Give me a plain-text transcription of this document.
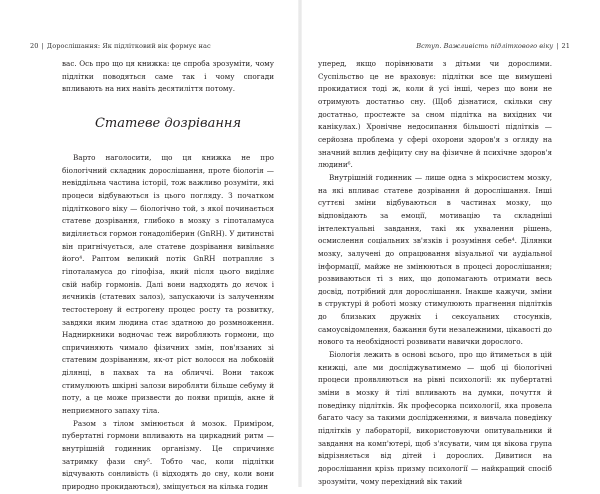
20 | Дорослішання: Як підлітковий вік формує нас

вас. Ось про що ця книжка: це спроба зрозуміти, чому підлітки поводяться саме так і чому спогади впливають на них навіть десятиліття потому.

Статеве дозрівання

Варто наголосити, що ця книжка не про біологічний складник дорослішання, проте біологія — невіддільна частина історії, тож важливо розуміти, які процеси відбуваються із цього погляду. З початком підліткового віку — біологічно той, з якої починається статеве дозрівання, глибоко в мозку з гіпоталамуса виділяється гормон гонадоліберин (GnRH). У дитинстві він пригнічується, але статеве дозрівання вивільняє його⁴. Раптом великий потік GnRH потрапляє з гіпоталамуса до гіпофіза, який після цього виділяє свій набір гормонів. Далі вони надходять до яєчок і яєчників (статевих залоз), запускаючи із залученням тестостерону й естрогену процес росту та розвитку, завдяки яким людина стає здатною до розмноження. Надниркники водночас теж виробляють гормони, що спричиняють чимало фізичних змін, пов'язаних зі статевим дозріванням, як-от ріст волосся на лобковій ділянці, в пахвах та на обличчі. Вони також стимулюють шкірні залози виробляти більше себуму й поту, а це може призвести до появи прищів, акне й неприємного запаху тіла.

Разом з тілом змінюється й мозок. Приміром, пубертатні гормони впливають на циркадний ритм — внутрішній годинник організму. Це спричиняє затримку фази сну⁵. Тобто час, коли підлітки відчувають сонливість (і відходять до сну, коли вони природно прокидаються), зміщується на кілька годин

Вступ. Важливість підліткового віку | 21

уперед, якщо порівнювати з дітьми чи дорослими. Суспільство це не враховує: підлітки все ще вимушені прокидатися тоді ж, коли й усі інші, через що вони не отримують достатньо сну. (Щоб дізнатися, скільки сну достатньо, простежте за сном підлітка на вихідних чи канікулах.) Хронічне недосипання більшості підлітків — серйозна проблема у сфері охорони здоров'я з огляду на значний вплив дефіциту сну на фізичне й психічне здоров'я людини⁶.

Внутрішній годинник — лише одна з мікросистем мозку, на які впливає статеве дозрівання й дорослішання. Інші суттєві зміни відбуваються в частинах мозку, що відповідають за емоції, мотивацію та складніші інтелектуальні завдання, такі як ухвалення рішень, осмислення соціальних зв'язків і розуміння себе⁴. Ділянки мозку, залучені до опрацювання візуальної чи аудіальної інформації, майже не змінюються в процесі дорослішання; розвиваються ті з них, що допомагають отримати весь досвід, потрібний для дорослішання. Інакше кажучи, зміни в структурі й роботі мозку стимулюють прагнення підлітків до близьких дружніх і сексуальних стосунків, самоусвідомлення, бажання бути незалежними, цікавості до нового та необхідності розвивати навички дорослого.

Біологія лежить в основі всього, про що йтиметься в цій книжці, але ми досліджуватимемо — щоб ці біологічні процеси проявляються на рівні психології: як пубертатні зміни в мозку й тілі впливають на думки, почуття й поведінку підлітків. Як професорка психології, яка провела багато часу за такими дослідженнями, я вивчала поведінку підлітків у лабораторії, використовуючи опитувальники й завдання на комп'ютері, щоб з'ясувати, чим ця вікова група відрізняється від дітей і дорослих. Дивитися на дорослішання крізь призму психології — найкращий спосіб зрозуміти, чому перехідний вік такий
